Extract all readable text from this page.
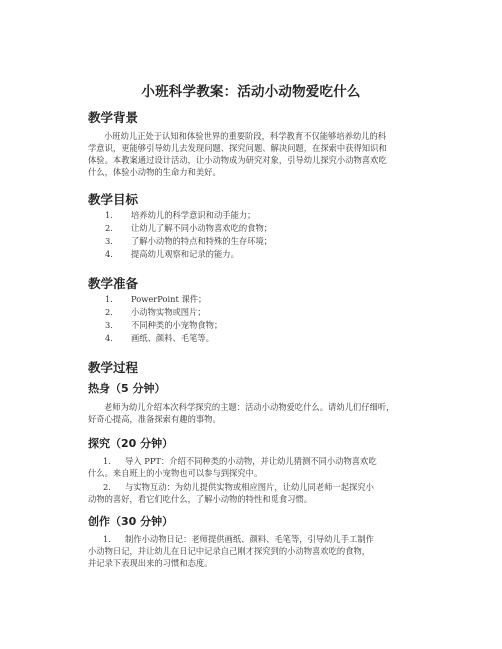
小班科学教案：活动小动物爱吃什么
教学背景
小班幼儿正处于认知和体验世界的重要阶段，科学教育不仅能够培养幼儿的科
学意识，更能够引导幼儿去发现问题、探究问题、解决问题，在探索中获得知识和
体验。本教案通过设计活动，让小动物成为研究对象，引导幼儿探究小动物喜欢吃
什么，体验小动物的生命力和美好。
教学目标
1. 培养幼儿的科学意识和动手能力；
2. 让幼儿了解不同小动物喜欢吃的食物；
3. 了解小动物的特点和特殊的生存环境；
4. 提高幼儿观察和记录的能力。
教学准备
1. PowerPoint 课件；
2. 小动物实物或图片；
3. 不同种类的小宠物食物；
4. 画纸、颜料、毛笔等。
教学过程
热身（5 分钟）
老师为幼儿介绍本次科学探究的主题：活动小动物爱吃什么。请幼儿们仔细听，
好奇心提高，准备探索有趣的事物。
探究（20 分钟）
1. 导入 PPT：介绍不同种类的小动物，并让幼儿猜测不同小动物喜欢吃
什么。来自班上的小宠物也可以参与到探究中。
2. 与实物互动：为幼儿提供实物或相应图片，让幼儿同老师一起探究小
动物的喜好，看它们吃什么，了解小动物的特性和觅食习惯。
创作（30 分钟）
1. 制作小动物日记：老师提供画纸、颜料、毛笔等，引导幼儿手工制作
小动物日记，并让幼儿在日记中记录自己刚才探究到的小动物喜欢吃的食物，
并记录下表现出来的习惯和态度。
